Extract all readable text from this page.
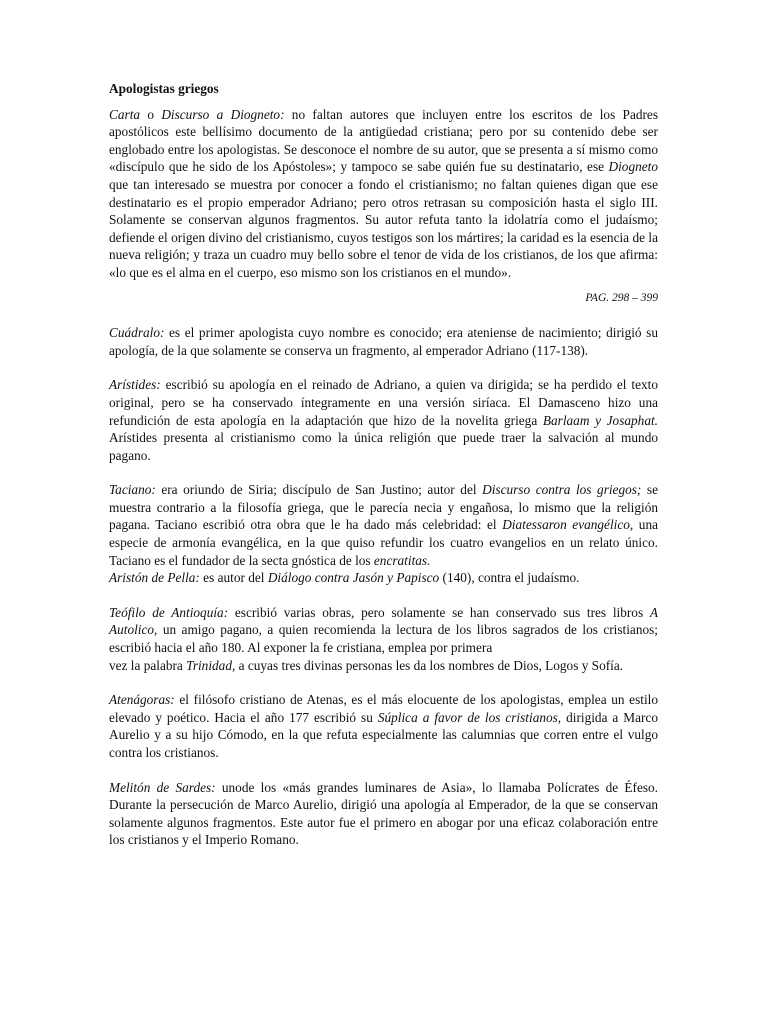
Apologistas griegos

Carta o Discurso a Diogneto: no faltan autores que incluyen entre los escritos de los Padres apostólicos este bellísimo documento de la antigüedad cristiana; pero por su contenido debe ser englobado entre los apologistas. Se desconoce el nombre de su autor, que se presenta a sí mismo como «discípulo que he sido de los Apóstoles»; y tampoco se sabe quién fue su destinatario, ese Diogneto que tan interesado se muestra por conocer a fondo el cristianismo; no faltan quienes digan que ese destinatario es el propio emperador Adriano; pero otros retrasan su composición hasta el siglo III. Solamente se conservan algunos fragmentos. Su autor refuta tanto la idolatría como el judaísmo; defiende el origen divino del cristianismo, cuyos testigos son los mártires; la caridad es la esencia de la nueva religión; y traza un cuadro muy bello sobre el tenor de vida de los cristianos, de los que afirma: «lo que es el alma en el cuerpo, eso mismo son los cristianos en el mundo».

PAG. 298 – 399

Cuádralo: es el primer apologista cuyo nombre es conocido; era ateniense de nacimiento; dirigió su apología, de la que solamente se conserva un fragmento, al emperador Adriano (117-138).

Arístides: escribió su apología en el reinado de Adriano, a quien va dirigida; se ha perdido el texto original, pero se ha conservado íntegramente en una versión siríaca. El Damasceno hizo una refundición de esta apología en la adaptación que hizo de la novelita griega Barlaam y Josaphat. Arístides presenta al cristianismo como la única religión que puede traer la salvación al mundo pagano.

Taciano: era oriundo de Siria; discípulo de San Justino; autor del Discurso contra los griegos; se muestra contrario a la filosofía griega, que le parecía necia y engañosa, lo mismo que la religión pagana. Taciano escribió otra obra que le ha dado más celebridad: el Diatessaron evangélico, una especie de armonía evangélica, en la que quiso refundir los cuatro evangelios en un relato único. Taciano es el fundador de la secta gnóstica de los encratitas.

Aristón de Pella: es autor del Diálogo contra Jasón y Papisco (140), contra el judaísmo.

Teófilo de Antioquía: escribió varias obras, pero solamente se han conservado sus tres libros A Autolico, un amigo pagano, a quien recomienda la lectura de los libros sagrados de los cristianos; escribió hacia el año 180. Al exponer la fe cristiana, emplea por primera

vez la palabra Trinidad, a cuyas tres divinas personas les da los nombres de Dios, Logos y Sofía.

Atenágoras: el filósofo cristiano de Atenas, es el más elocuente de los apologistas, emplea un estilo elevado y poético. Hacia el año 177 escribió su Súplica a favor de los cristianos, dirigida a Marco Aurelio y a su hijo Cómodo, en la que refuta especialmente las calumnias que corren entre el vulgo contra los cristianos.

Melitón de Sardes: unode los «más grandes luminares de Asia», lo llamaba Polícrates de Éfeso. Durante la persecución de Marco Aurelio, dirigió una apología al Emperador, de la que se conservan solamente algunos fragmentos. Este autor fue el primero en abogar por una eficaz colaboración entre los cristianos y el Imperio Romano.
